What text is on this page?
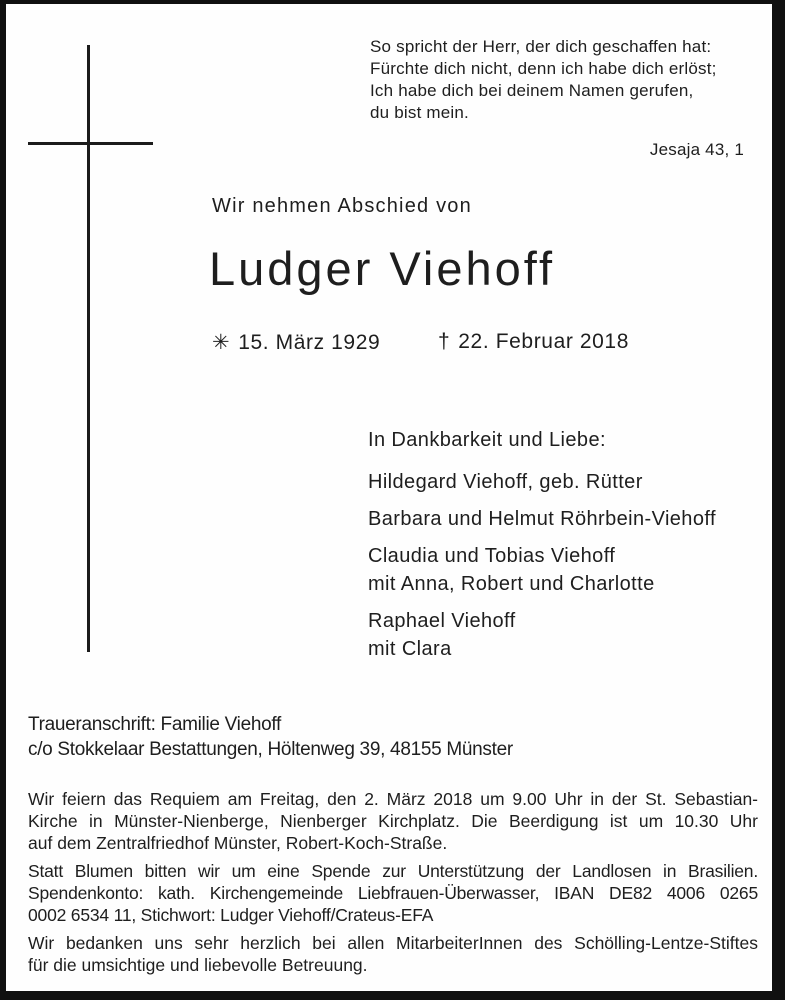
So spricht der Herr, der dich geschaffen hat:
Fürchte dich nicht, denn ich habe dich erlöst;
Ich habe dich bei deinem Namen gerufen,
du bist mein.
Jesaja 43, 1
Wir nehmen Abschied von
Ludger Viehoff
✳ 15. März 1929	† 22. Februar 2018
In Dankbarkeit und Liebe:
Hildegard Viehoff, geb. Rütter
Barbara und Helmut Röhrbein-Viehoff
Claudia und Tobias Viehoff
mit Anna, Robert und Charlotte
Raphael Viehoff
mit Clara
Traueranschrift: Familie Viehoff
c/o Stokkelaar Bestattungen, Höltenweg 39, 48155 Münster
Wir feiern das Requiem am Freitag, den 2. März 2018 um 9.00 Uhr in der St. Sebastian-
Kirche in Münster-Nienberge, Nienberger Kirchplatz. Die Beerdigung ist um 10.30 Uhr
auf dem Zentralfriedhof Münster, Robert-Koch-Straße.
Statt Blumen bitten wir um eine Spende zur Unterstützung der Landlosen in Brasilien.
Spendenkonto: kath. Kirchengemeinde Liebfrauen-Überwasser, IBAN DE82 4006 0265
0002 6534 11, Stichwort: Ludger Viehoff/Crateus-EFA
Wir bedanken uns sehr herzlich bei allen MitarbeiterInnen des Schölling-Lentze-Stiftes
für die umsichtige und liebevolle Betreuung.
